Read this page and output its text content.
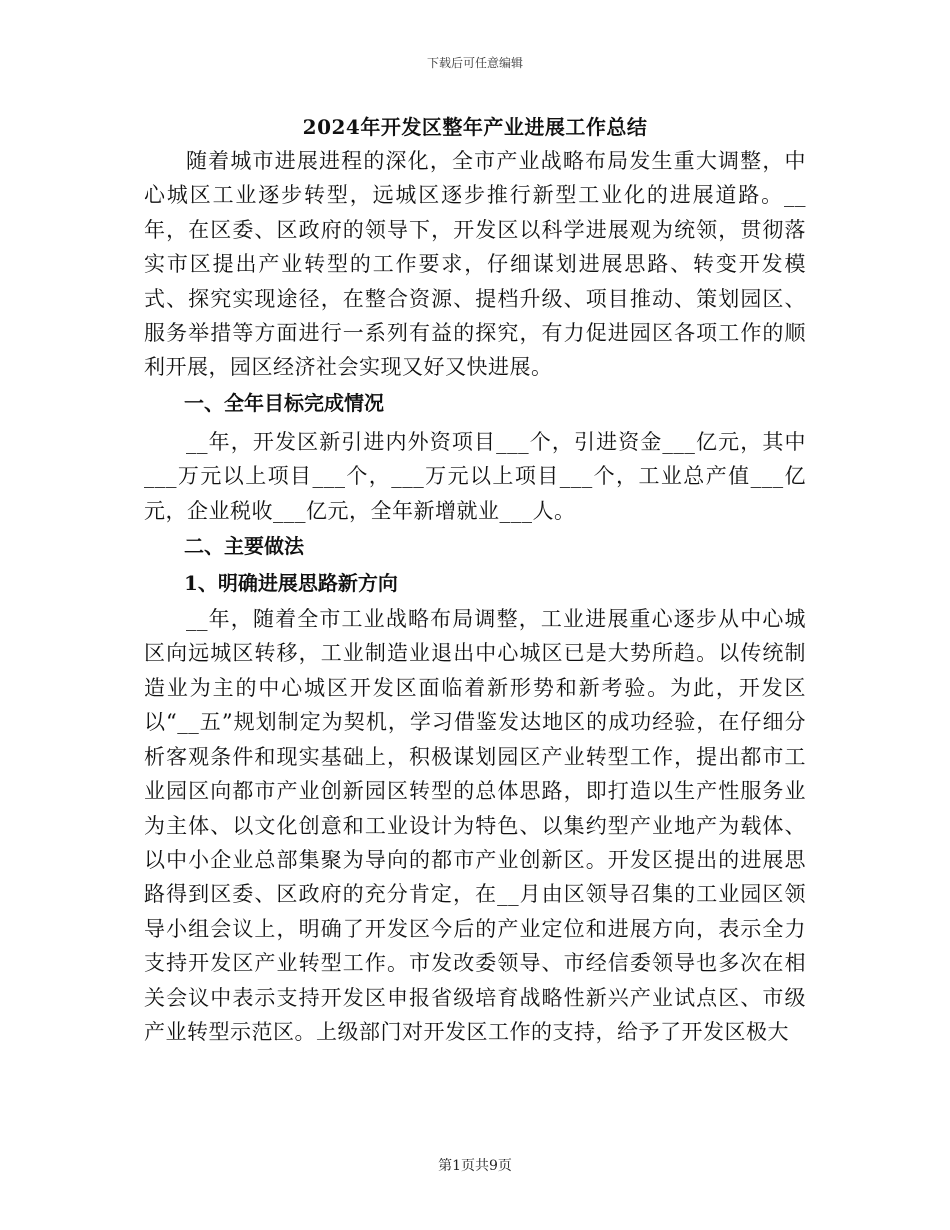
下载后可任意编辑
2024年开发区整年产业进展工作总结

随着城市进展进程的深化，全市产业战略布局发生重大调整，中心城区工业逐步转型，远城区逐步推行新型工业化的进展道路。__年，在区委、区政府的领导下，开发区以科学进展观为统领，贯彻落实市区提出产业转型的工作要求，仔细谋划进展思路、转变开发模式、探究实现途径，在整合资源、提档升级、项目推动、策划园区、服务举措等方面进行一系列有益的探究，有力促进园区各项工作的顺利开展，园区经济社会实现又好又快进展。

一、全年目标完成情况

__年，开发区新引进内外资项目___个，引进资金___亿元，其中___万元以上项目___个，___万元以上项目___个，工业总产值___亿元，企业税收___亿元，全年新增就业___人。

二、主要做法
1、明确进展思路新方向

__年，随着全市工业战略布局调整，工业进展重心逐步从中心城区向远城区转移，工业制造业退出中心城区已是大势所趋。以传统制造业为主的中心城区开发区面临着新形势和新考验。为此，开发区以“__五”规划制定为契机，学习借鉴发达地区的成功经验，在仔细分析客观条件和现实基础上，积极谋划园区产业转型工作，提出都市工业园区向都市产业创新园区转型的总体思路，即打造以生产性服务业为主体、以文化创意和工业设计为特色、以集约型产业地产为载体、以中小企业总部集聚为导向的都市产业创新区。开发区提出的进展思路得到区委、区政府的充分肯定，在__月由区领导召集的工业园区领导小组会议上，明确了开发区今后的产业定位和进展方向，表示全力支持开发区产业转型工作。市发改委领导、市经信委领导也多次在相关会议中表示支持开发区申报省级培育战略性新兴产业试点区、市级产业转型示范区。上级部门对开发区工作的支持，给予了开发区极大

第1页共9页
